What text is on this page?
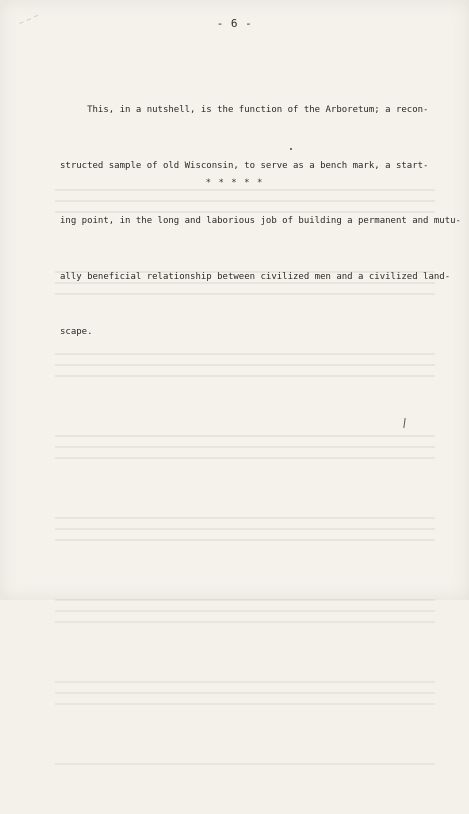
~ ~ ~	- 6 -

This, in a nutshell, is the function of the Arboretum; a recon-

structed sample of old Wisconsin, to serve as a bench mark, a start-

ing point, in the long and laborious job of building a permanent and mutu-

ally beneficial relationship between civilized men and a civilized land-

scape.

* * * * *
